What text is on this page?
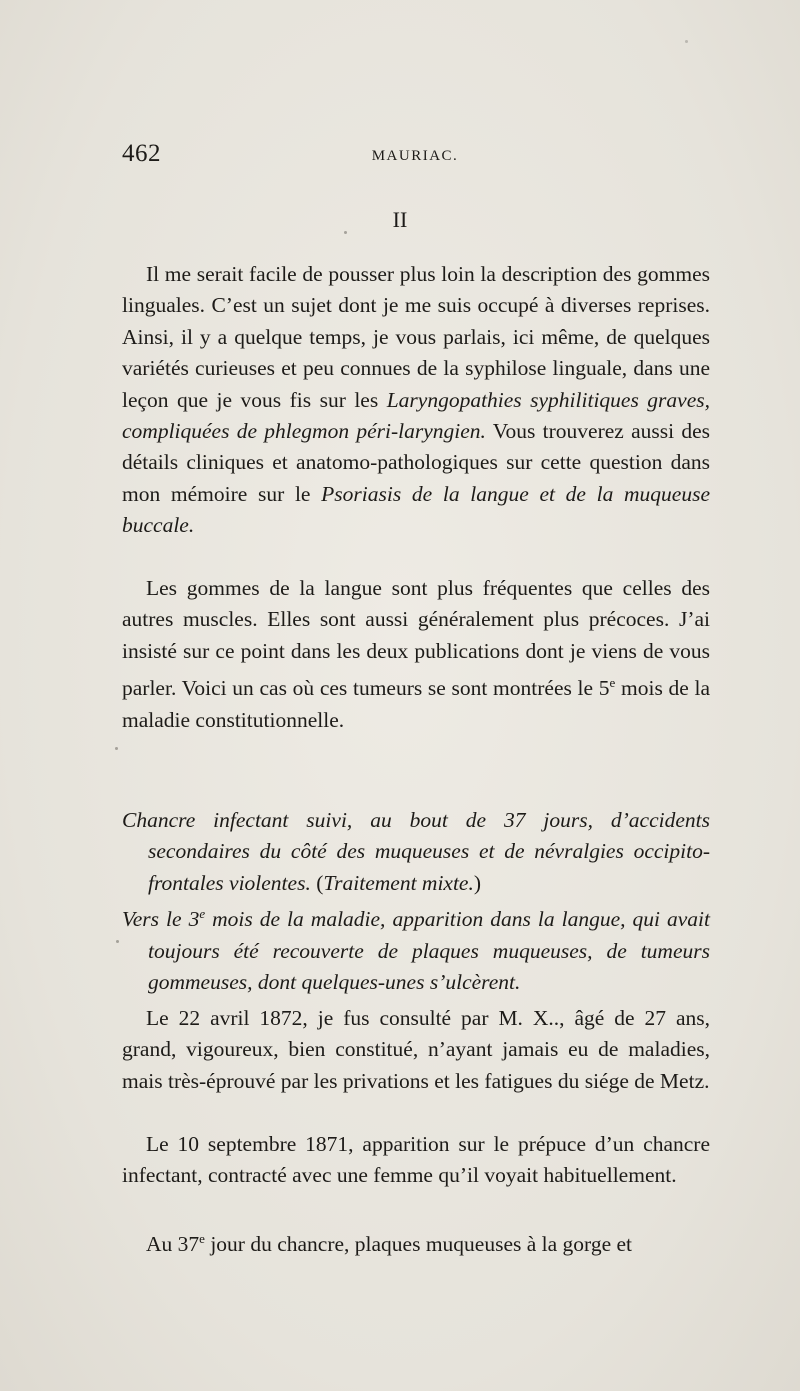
462	MAURIAC.
II

Il me serait facile de pousser plus loin la description des gommes linguales. C’est un sujet dont je me suis occupé à diverses reprises. Ainsi, il y a quelque temps, je vous parlais, ici même, de quelques variétés curieuses et peu connues de la syphilose linguale, dans une leçon que je vous fis sur les Laryngopathies syphilitiques graves, compliquées de phlegmon péri-laryngien. Vous trouverez aussi des détails cliniques et anatomo-pathologiques sur cette question dans mon mémoire sur le Psoriasis de la langue et de la muqueuse buccale.

Les gommes de la langue sont plus fréquentes que celles des autres muscles. Elles sont aussi généralement plus précoces. J’ai insisté sur ce point dans les deux publications dont je viens de vous parler. Voici un cas où ces tumeurs se sont montrées le 5e mois de la maladie constitutionnelle.

Chancre infectant suivi, au bout de 37 jours, d’accidents secondaires du côté des muqueuses et de névralgies occipito-frontales violentes. (Traitement mixte.)

Vers le 3e mois de la maladie, apparition dans la langue, qui avait toujours été recouverte de plaques muqueuses, de tumeurs gommeuses, dont quelques-unes s’ulcèrent.

Le 22 avril 1872, je fus consulté par M. X.., âgé de 27 ans, grand, vigoureux, bien constitué, n’ayant jamais eu de maladies, mais très-éprouvé par les privations et les fatigues du siége de Metz.

Le 10 septembre 1871, apparition sur le prépuce d’un chancre infectant, contracté avec une femme qu’il voyait habituellement.

Au 37e jour du chancre, plaques muqueuses à la gorge et
